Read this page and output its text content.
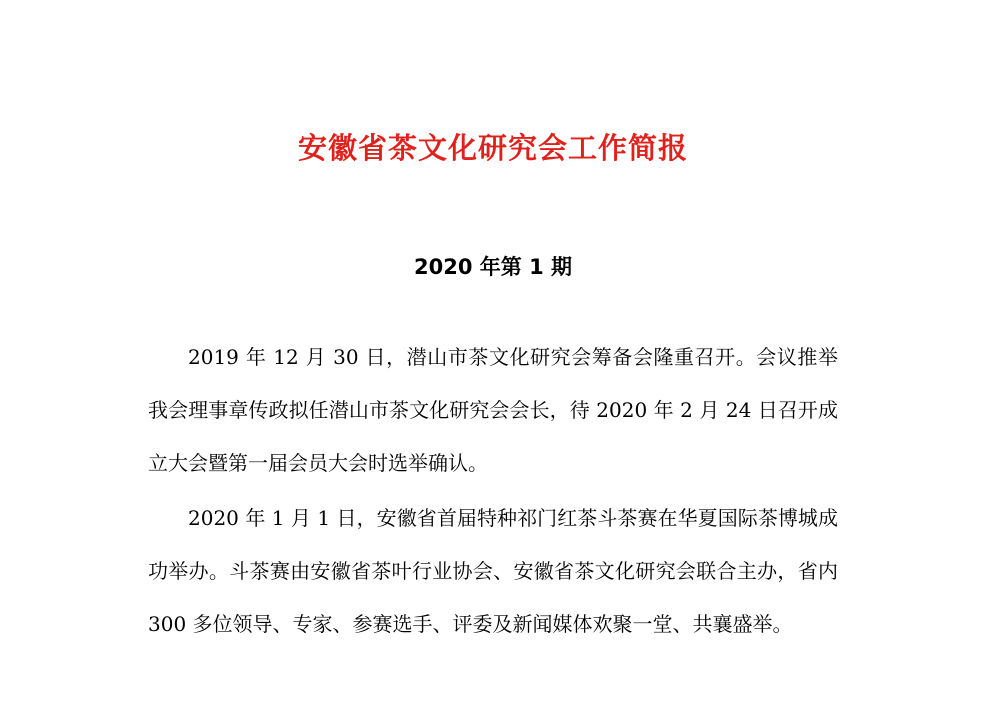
安徽省茶文化研究会工作简报
2020 年第 1 期

2019 年 12 月 30 日，潜山市茶文化研究会筹备会隆重召开。会议推举我会理事章传政拟任潜山市茶文化研究会会长，待 2020 年 2 月 24 日召开成立大会暨第一届会员大会时选举确认。

2020 年 1 月 1 日，安徽省首届特种祁门红茶斗茶赛在华夏国际茶博城成功举办。斗茶赛由安徽省茶叶行业协会、安徽省茶文化研究会联合主办，省内 300 多位领导、专家、参赛选手、评委及新闻媒体欢聚一堂、共襄盛举。
